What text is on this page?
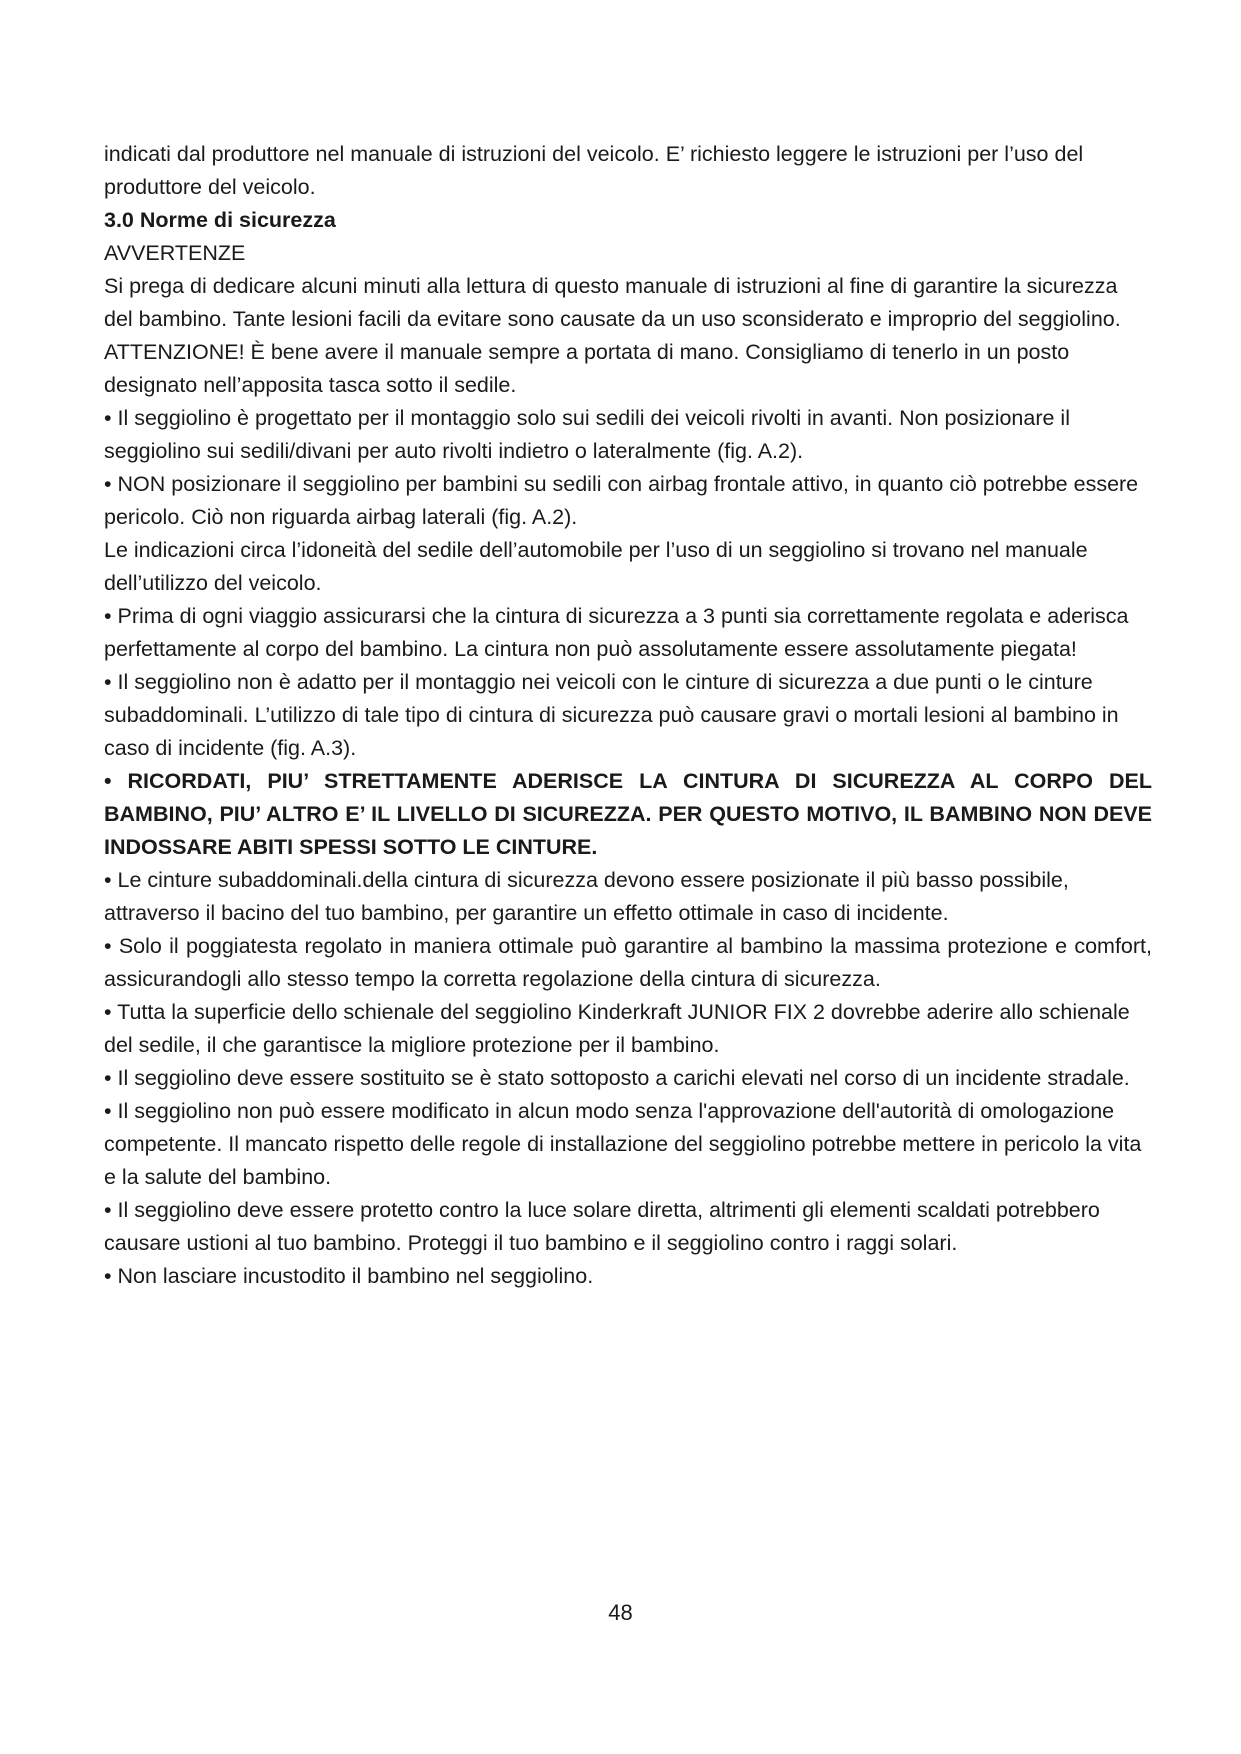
indicati dal produttore nel manuale di istruzioni del veicolo. E’ richiesto leggere le istruzioni per l’uso del produttore del veicolo.

3.0 Norme di sicurezza

AVVERTENZE

Si prega di dedicare alcuni minuti alla lettura di questo manuale di istruzioni al fine di garantire la sicurezza del bambino. Tante lesioni facili da evitare sono causate da un uso sconsiderato e improprio del seggiolino.

ATTENZIONE! È bene avere il manuale sempre a portata di mano. Consigliamo di tenerlo in un posto designato nell’apposita tasca sotto il sedile.

• Il seggiolino è progettato per il montaggio solo sui sedili dei veicoli rivolti in avanti. Non posizionare il seggiolino sui sedili/divani per auto rivolti indietro o lateralmente (fig. A.2).

• NON posizionare il seggiolino per bambini su sedili con airbag frontale attivo, in quanto ciò potrebbe essere pericolo. Ciò non riguarda airbag laterali (fig. A.2).

Le indicazioni circa l’idoneità del sedile dell’automobile per l’uso di un seggiolino si trovano nel manuale dell’utilizzo del veicolo.

• Prima di ogni viaggio assicurarsi che la cintura di sicurezza a 3 punti sia correttamente regolata e aderisca perfettamente al corpo del bambino. La cintura non può assolutamente essere assolutamente piegata!

• Il seggiolino non è adatto per il montaggio nei veicoli con le cinture di sicurezza a due punti o le cinture subaddominali. L’utilizzo di tale tipo di cintura di sicurezza può causare gravi o mortali lesioni al bambino in caso di incidente (fig. A.3).

• RICORDATI, PIU’ STRETTAMENTE ADERISCE LA CINTURA DI SICUREZZA AL CORPO DEL BAMBINO, PIU’ ALTRO E’ IL LIVELLO DI SICUREZZA. PER QUESTO MOTIVO, IL BAMBINO NON DEVE INDOSSARE ABITI SPESSI SOTTO LE CINTURE.

• Le cinture subaddominali.della cintura di sicurezza devono essere posizionate il più basso possibile, attraverso il bacino del tuo bambino, per garantire un effetto ottimale in caso di incidente.

• Solo il poggiatesta regolato in maniera ottimale può garantire al bambino la massima protezione e comfort, assicurandogli allo stesso tempo la corretta regolazione della cintura di sicurezza.

• Tutta la superficie dello schienale del seggiolino Kinderkraft JUNIOR FIX 2 dovrebbe aderire allo schienale del sedile, il che garantisce la migliore protezione per il bambino.

• Il seggiolino deve essere sostituito se è stato sottoposto a carichi elevati nel corso di un incidente stradale.

• Il seggiolino non può essere modificato in alcun modo senza l'approvazione dell'autorità di omologazione competente. Il mancato rispetto delle regole di installazione del seggiolino potrebbe mettere in pericolo la vita e la salute del bambino.

• Il seggiolino deve essere protetto contro la luce solare diretta, altrimenti gli elementi scaldati potrebbero causare ustioni al tuo bambino. Proteggi il tuo bambino e il seggiolino contro i raggi solari.

• Non lasciare incustodito il bambino nel seggiolino.

48
